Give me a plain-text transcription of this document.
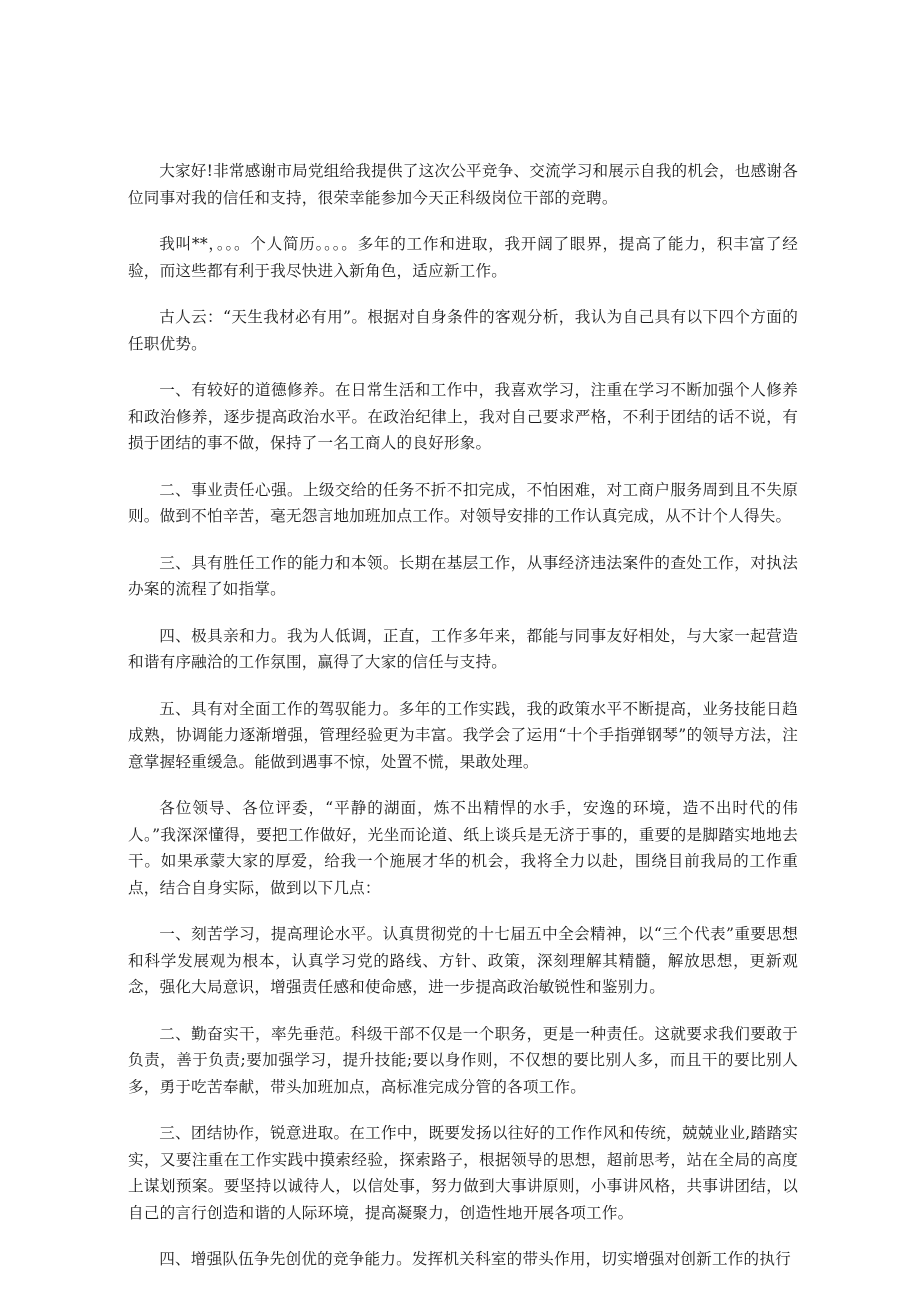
大家好!非常感谢市局党组给我提供了这次公平竞争、交流学习和展示自我的机会，也感谢各位同事对我的信任和支持，很荣幸能参加今天正科级岗位干部的竞聘。

我叫**，。。。个人简历。。。。多年的工作和进取，我开阔了眼界，提高了能力，积丰富了经验，而这些都有利于我尽快进入新角色，适应新工作。

古人云：“天生我材必有用”。根据对自身条件的客观分析，我认为自己具有以下四个方面的任职优势。

一、有较好的道德修养。在日常生活和工作中，我喜欢学习，注重在学习不断加强个人修养和政治修养，逐步提高政治水平。在政治纪律上，我对自己要求严格，不利于团结的话不说，有损于团结的事不做，保持了一名工商人的良好形象。

二、事业责任心强。上级交给的任务不折不扣完成，不怕困难，对工商户服务周到且不失原则。做到不怕辛苦，毫无怨言地加班加点工作。对领导安排的工作认真完成，从不计个人得失。

三、具有胜任工作的能力和本领。长期在基层工作，从事经济违法案件的查处工作，对执法办案的流程了如指掌。

四、极具亲和力。我为人低调，正直，工作多年来，都能与同事友好相处，与大家一起营造和谐有序融洽的工作氛围，赢得了大家的信任与支持。

五、具有对全面工作的驾驭能力。多年的工作实践，我的政策水平不断提高，业务技能日趋成熟，协调能力逐渐增强，管理经验更为丰富。我学会了运用“十个手指弹钢琴”的领导方法，注意掌握轻重缓急。能做到遇事不惊，处置不慌，果敢处理。

各位领导、各位评委，“平静的湖面，炼不出精悍的水手，安逸的环境，造不出时代的伟人。”我深深懂得，要把工作做好，光坐而论道、纸上谈兵是无济于事的，重要的是脚踏实地地去干。如果承蒙大家的厚爱，给我一个施展才华的机会，我将全力以赴，围绕目前我局的工作重点，结合自身实际，做到以下几点：

一、刻苦学习，提高理论水平。认真贯彻党的十七届五中全会精神，以“三个代表”重要思想和科学发展观为根本，认真学习党的路线、方针、政策，深刻理解其精髓，解放思想，更新观念，强化大局意识，增强责任感和使命感，进一步提高政治敏锐性和鉴别力。

二、勤奋实干，率先垂范。科级干部不仅是一个职务，更是一种责任。这就要求我们要敢于负责，善于负责;要加强学习，提升技能;要以身作则，不仅想的要比别人多，而且干的要比别人多，勇于吃苦奉献，带头加班加点，高标准完成分管的各项工作。

三、团结协作，锐意进取。在工作中，既要发扬以往好的工作作风和传统，兢兢业业,踏踏实实，又要注重在工作实践中摸索经验，探索路子，根据领导的思想，超前思考，站在全局的高度上谋划预案。要坚持以诚待人，以信处事，努力做到大事讲原则，小事讲风格，共事讲团结，以自己的言行创造和谐的人际环境，提高凝聚力，创造性地开展各项工作。

四、增强队伍争先创优的竞争能力。发挥机关科室的带头作用，切实增强对创新工作的执行
